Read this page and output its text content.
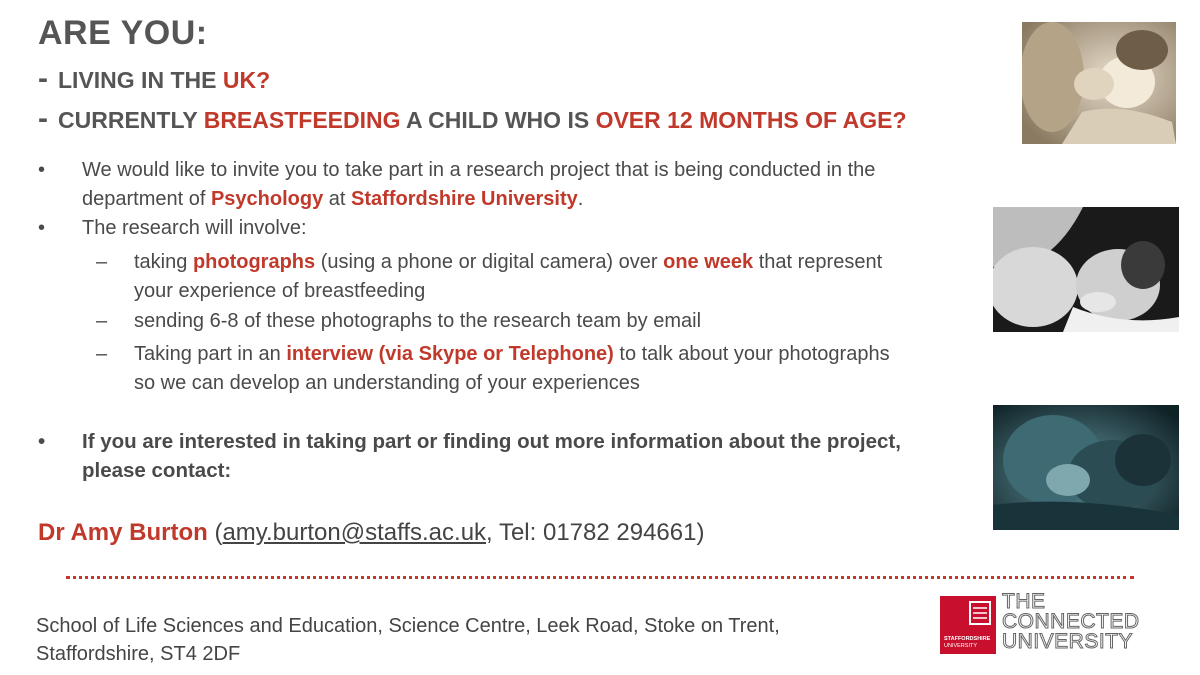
ARE YOU:
- LIVING IN THE UK?
- CURRENTLY BREASTFEEDING A CHILD WHO IS OVER 12 MONTHS OF AGE?
• We would like to invite you to take part in a research project that is being conducted in the department of Psychology at Staffordshire University.
• The research will involve:
– taking photographs (using a phone or digital camera) over one week that represent your experience of breastfeeding
– sending 6-8 of these photographs to the research team by email
– Taking part in an interview (via Skype or Telephone) to talk about your photographs so we can develop an understanding of your experiences
• If you are interested in taking part or finding out more information about the project, please contact:
Dr Amy Burton (amy.burton@staffs.ac.uk, Tel: 01782 294661)
School of Life Sciences and Education, Science Centre, Leek Road, Stoke on Trent, Staffordshire, ST4 2DF
STAFFORDSHIRE
UNIVERSITY
THE
CONNECTED
UNIVERSITY
